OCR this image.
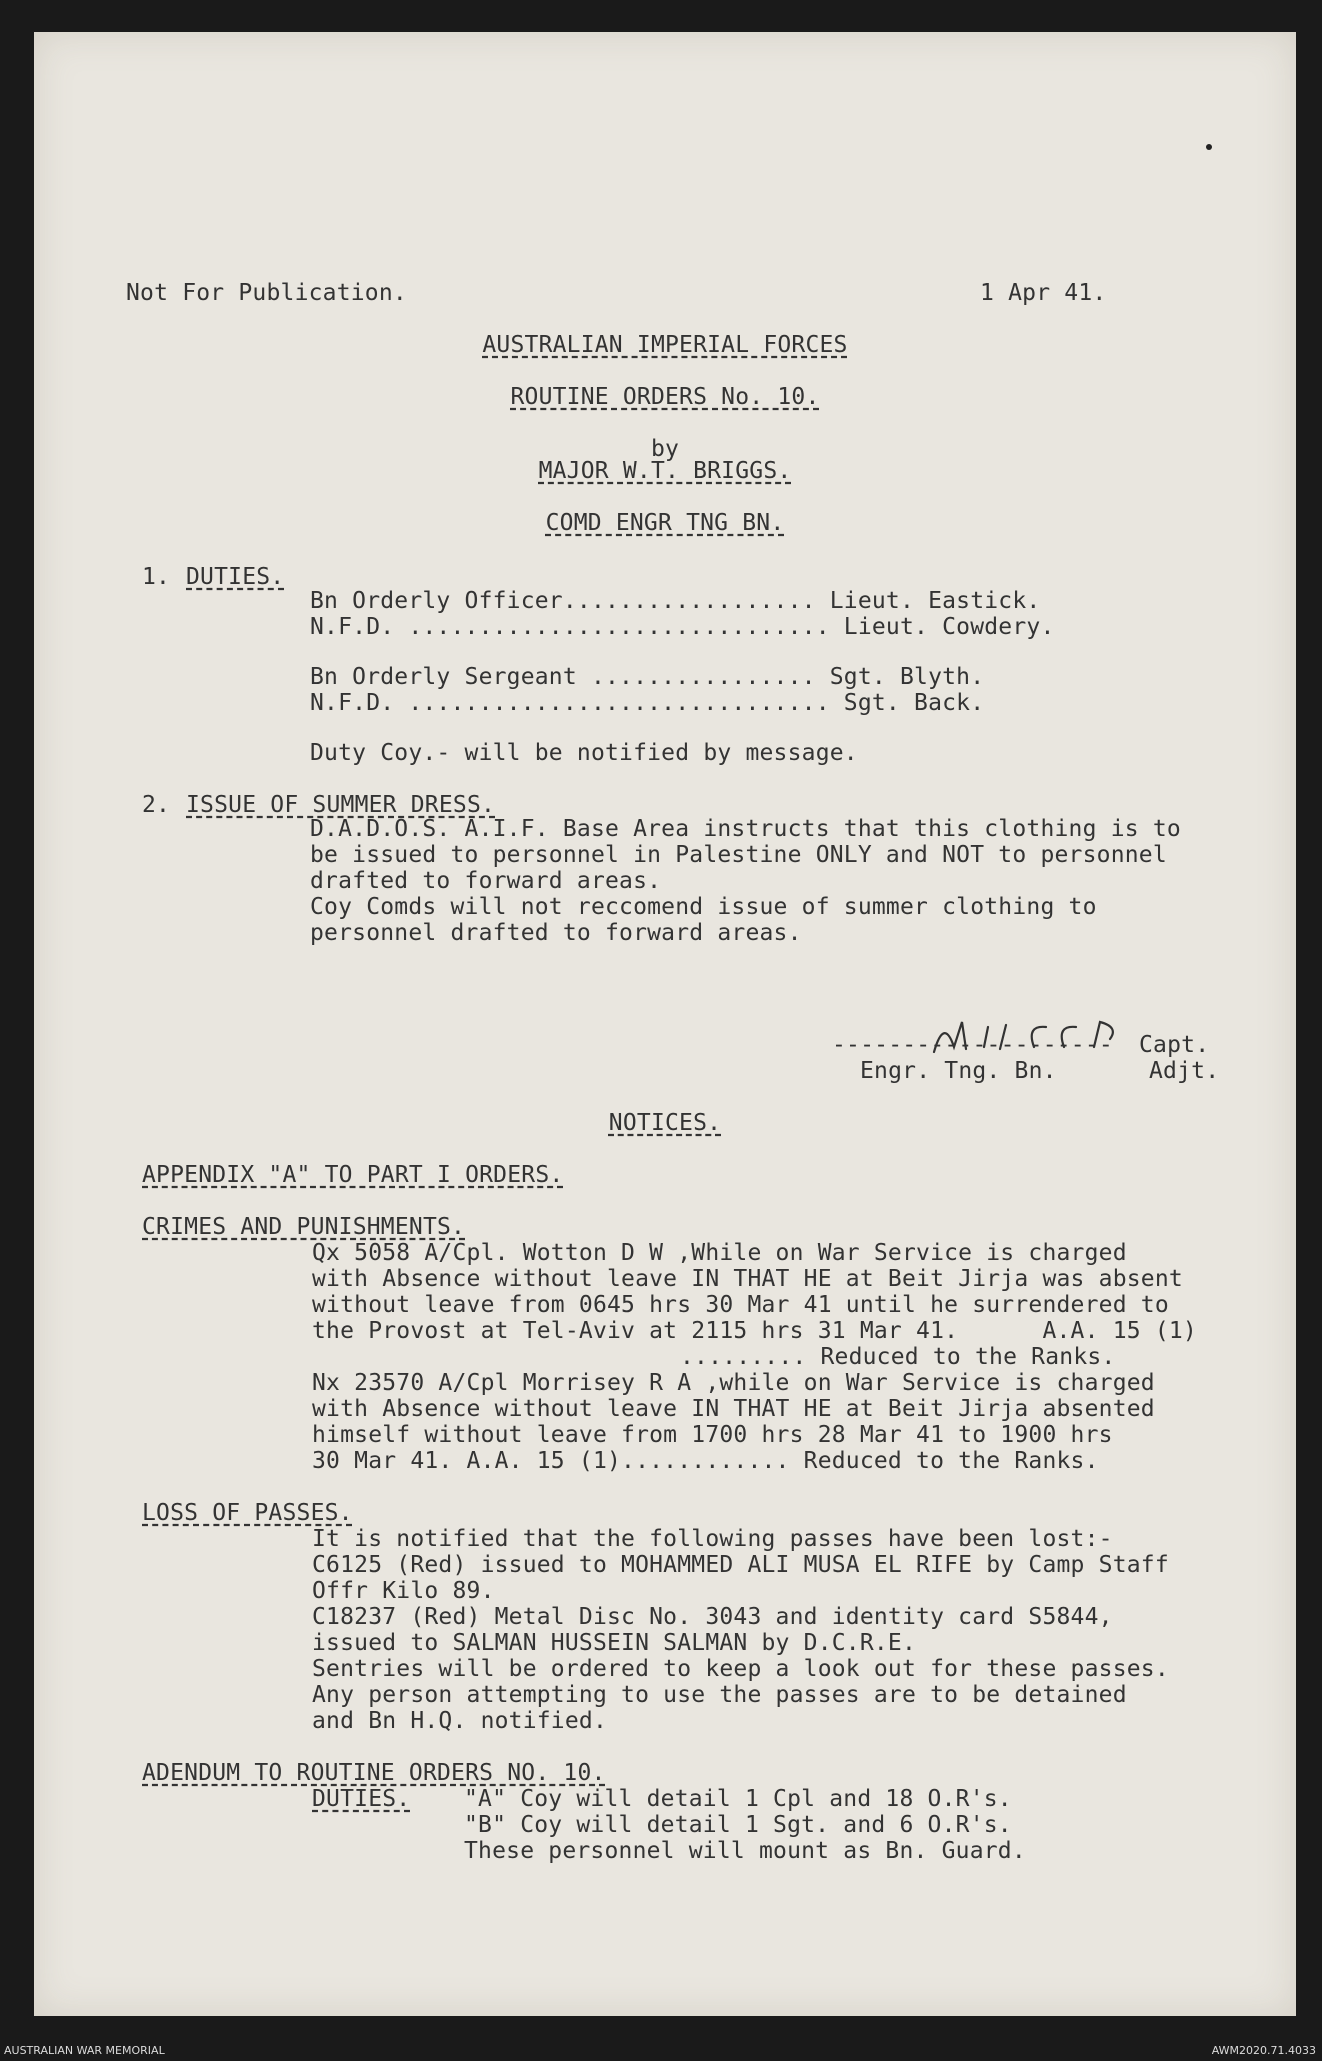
Not For Publication.	1 Apr 41.
AUSTRALIAN IMPERIAL FORCES
ROUTINE ORDERS No. 10.
by
MAJOR W.T. BRIGGS.
COMD ENGR TNG BN.
1. DUTIES.
Bn Orderly Officer.................. Lieut. Eastick.
N.F.D. .............................. Lieut. Cowdery.
Bn Orderly Sergeant ................ Sgt. Blyth.
N.F.D. .............................. Sgt. Back.
Duty Coy.- will be notified by message.
2. ISSUE OF SUMMER DRESS.
D.A.D.O.S. A.I.F. Base Area instructs that this clothing is to
be issued to personnel in Palestine ONLY and NOT to personnel
drafted to forward areas.
Coy Comds will not reccomend issue of summer clothing to
personnel drafted to forward areas.
-------------------- Capt.
Engr. Tng. Bn.	Adjt.
NOTICES.
APPENDIX "A" TO PART I ORDERS.
CRIMES AND PUNISHMENTS.
Qx 5058 A/Cpl. Wotton D W ,While on War Service is charged
with Absence without leave IN THAT HE at Beit Jirja was absent
without leave from 0645 hrs 30 Mar 41 until he surrendered to
the Provost at Tel-Aviv at 2115 hrs 31 Mar 41.      A.A. 15 (1)
......... Reduced to the Ranks.
Nx 23570 A/Cpl Morrisey R A ,while on War Service is charged
with Absence without leave IN THAT HE at Beit Jirja absented
himself without leave from 1700 hrs 28 Mar 41 to 1900 hrs
30 Mar 41. A.A. 15 (1)............ Reduced to the Ranks.
LOSS OF PASSES.
It is notified that the following passes have been lost:-
C6125 (Red) issued to MOHAMMED ALI MUSA EL RIFE by Camp Staff
Offr Kilo 89.
C18237 (Red) Metal Disc No. 3043 and identity card S5844,
issued to SALMAN HUSSEIN SALMAN by D.C.R.E.
Sentries will be ordered to keep a look out for these passes.
Any person attempting to use the passes are to be detained
and Bn H.Q. notified.
ADENDUM TO ROUTINE ORDERS NO. 10.
DUTIES. "A" Coy will detail 1 Cpl and 18 O.R's.
"B" Coy will detail 1 Sgt. and 6 O.R's.
These personnel will mount as Bn. Guard.
AUSTRALIAN WAR MEMORIAL	AWM2020.71.4033
